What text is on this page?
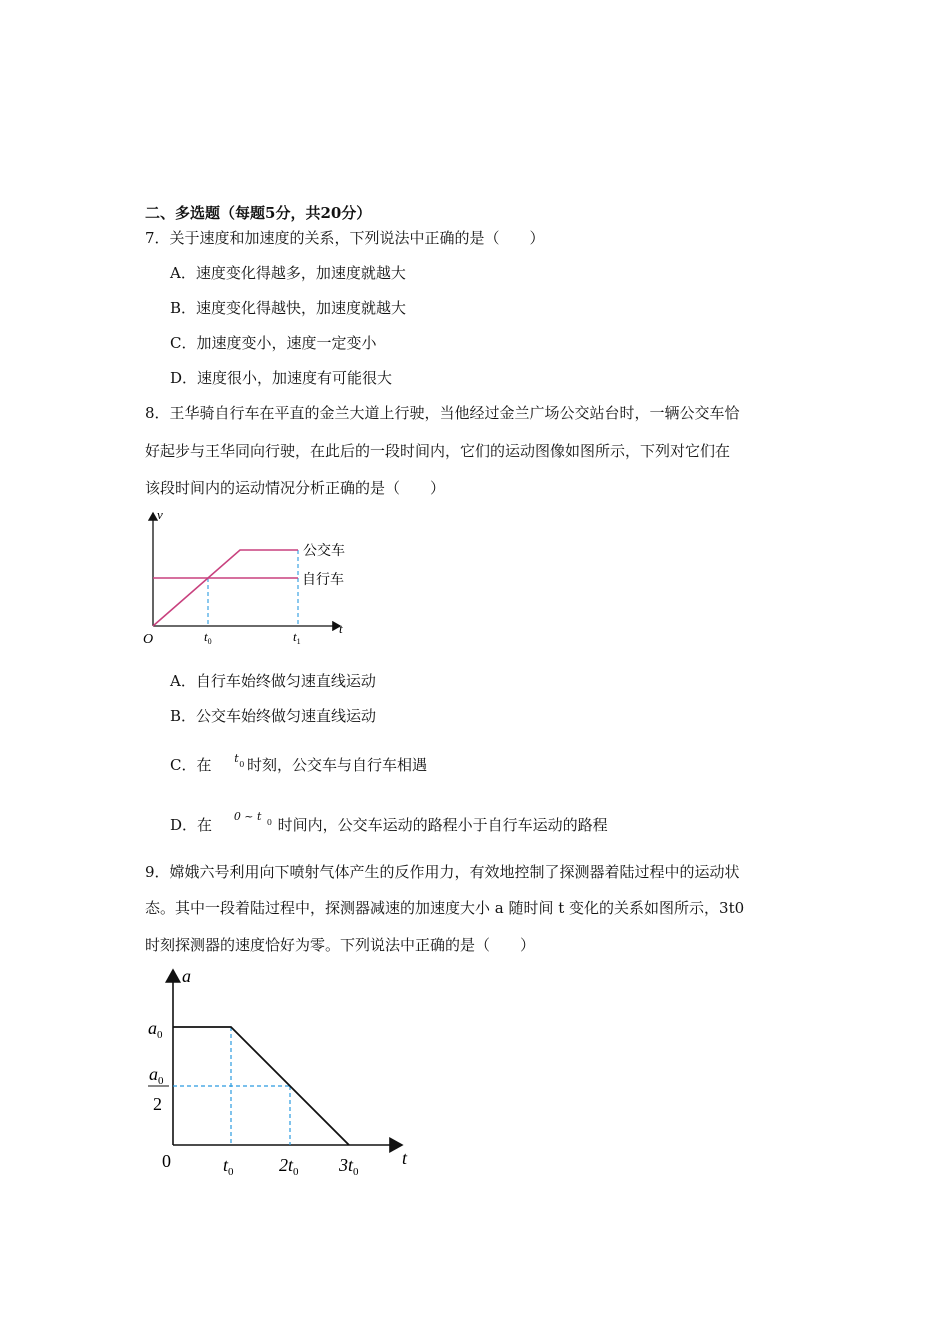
二、多选题（每题5分，共20分）
7．关于速度和加速度的关系，下列说法中正确的是（　　）
A．速度变化得越多，加速度就越大
B．速度变化得越快，加速度就越大
C．加速度变小，速度一定变小
D．速度很小，加速度有可能很大
8．王华骑自行车在平直的金兰大道上行驶，当他经过金兰广场公交站台时，一辆公交车恰
好起步与王华同向行驶，在此后的一段时间内，它们的运动图像如图所示，下列对它们在
该段时间内的运动情况分析正确的是（　　）
v
t
O
公交车
自行车
$t_0$	$t_1$
A．自行车始终做匀速直线运动
B．公交车始终做匀速直线运动
C．在 t 0 时刻，公交车与自行车相遇
D．在 0 ~ t 0 时间内，公交车运动的路程小于自行车运动的路程
9．嫦娥六号利用向下喷射气体产生的反作用力，有效地控制了探测器着陆过程中的运动状
态。其中一段着陆过程中，探测器减速的加速度大小 a 随时间 t 变化的关系如图所示，3t0
时刻探测器的速度恰好为零。下列说法中正确的是（　　）
a
t
$a_0$
$a_0$
2
0	$t_0$	$2t_0$ $3t_0$
